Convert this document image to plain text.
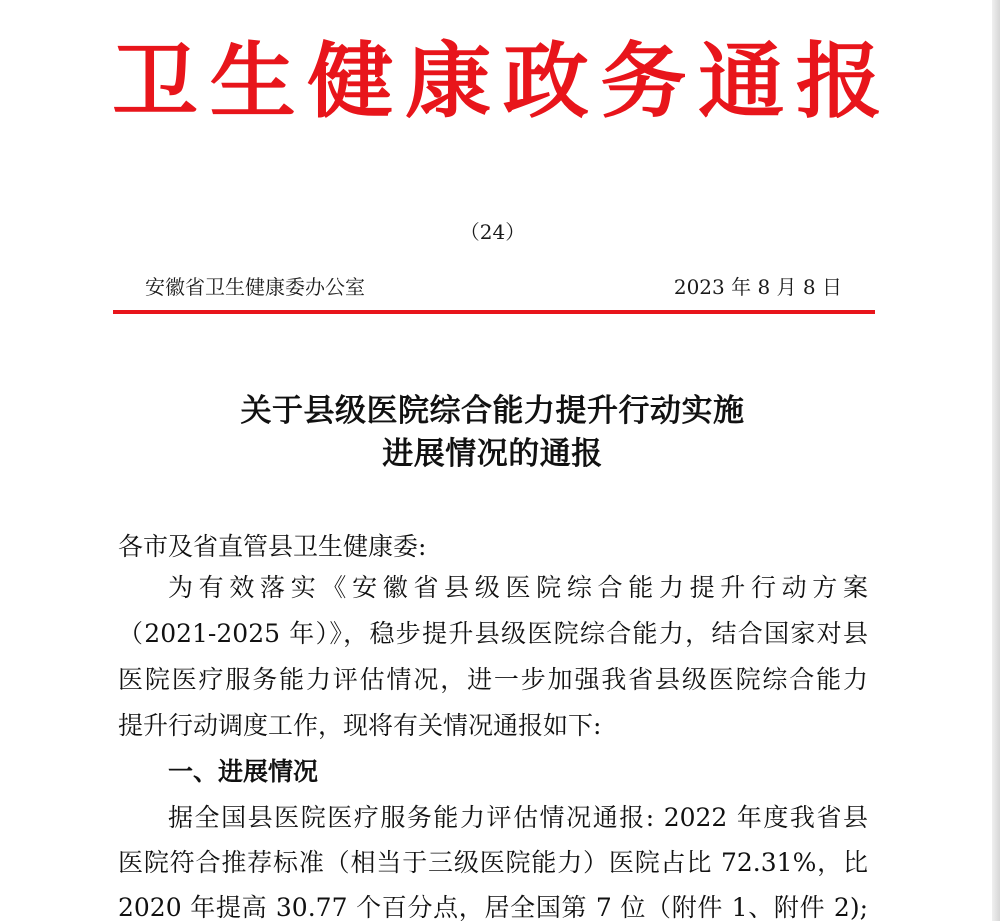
卫 生 健 康 政 务 通 报
（24）
安徽省卫生健康委办公室	2023 年 8 月 8 日
关于县级医院综合能力提升行动实施
进展情况的通报
各市及省直管县卫生健康委:
为有效落实《安徽省县级医院综合能力提升行动方案
（2021-2025 年）》，稳步提升县级医院综合能力，结合国家对县
医院医疗服务能力评估情况，进一步加强我省县级医院综合能力
提升行动调度工作，现将有关情况通报如下:
一、进展情况
据全国县医院医疗服务能力评估情况通报: 2022 年度我省县
医院符合推荐标准（相当于三级医院能力）医院占比 72.31%，比
2020 年提高 30.77 个百分点，居全国第 7 位（附件 1、附件 2);
